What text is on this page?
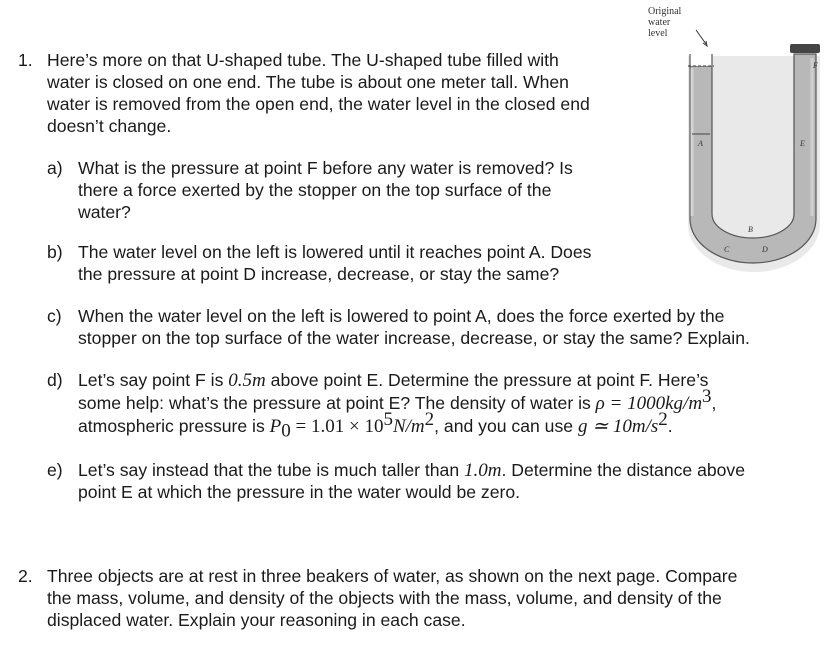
Original
water
level
F
A	E
B
C	D
1. Here’s more on that U-shaped tube. The U-shaped tube filled with

water is closed on one end. The tube is about one meter tall. When

water is removed from the open end, the water level in the closed end

doesn’t change.

a) What is the pressure at point F before any water is removed? Is

there a force exerted by the stopper on the top surface of the

water?

b) The water level on the left is lowered until it reaches point A. Does

the pressure at point D increase, decrease, or stay the same?

c) When the water level on the left is lowered to point A, does the force exerted by the

stopper on the top surface of the water increase, decrease, or stay the same? Explain.

d) Let’s say point F is 0.5m above point E. Determine the pressure at point F. Here’s

some help: what’s the pressure at point E? The density of water is $\rho = 1000kg/m^3$,

atmospheric pressure is $P_0 = 1.01 \times 10^5N/m^2$, and you can use g ≃ $10m/s^2$.

e) Let’s say instead that the tube is much taller than 1.0m. Determine the distance above

point E at which the pressure in the water would be zero.

2. Three objects are at rest in three beakers of water, as shown on the next page. Compare

the mass, volume, and density of the objects with the mass, volume, and density of the

displaced water. Explain your reasoning in each case.
